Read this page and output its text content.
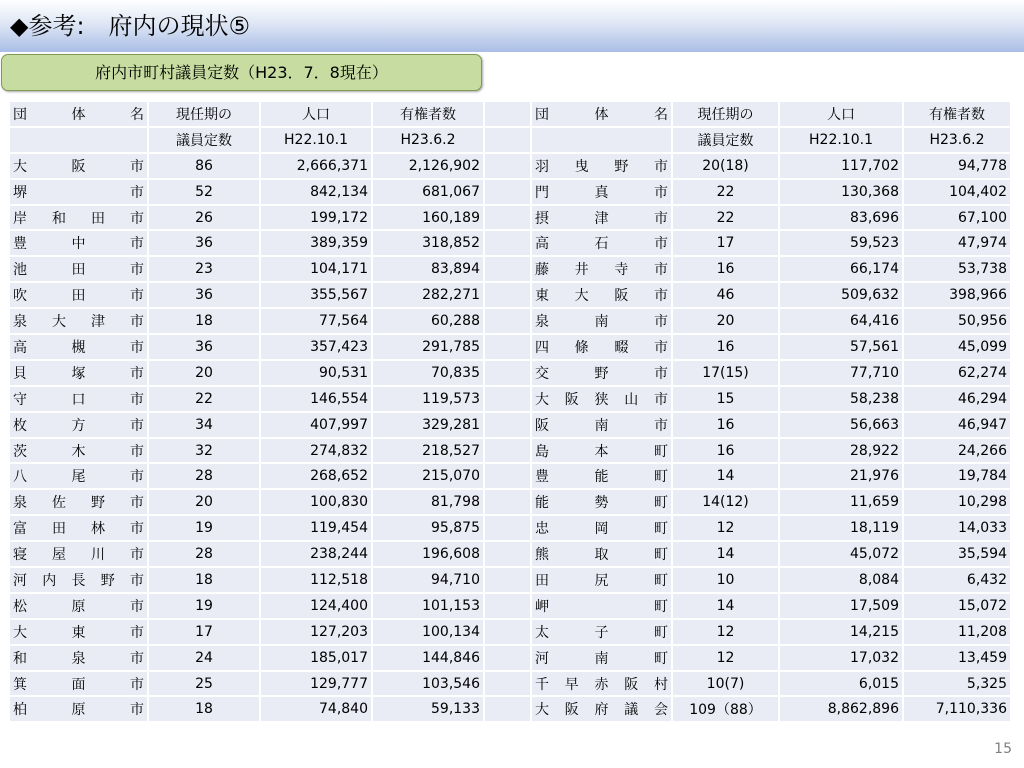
◆参考:　府内の現状⑤
府内市町村議員定数（H23．7．8現在）
団　体　名	現任期の	人口	有権者数		団　体　名	現任期の	人口	有権者数
	議員定数	H22.10.1	H23.6.2			議員定数	H22.10.1	H23.6.2
大阪市	86	2,666,371	2,126,902		羽曳野市	20(18)	117,702	94,778
堺市	52	842,134	681,067		門真市	22	130,368	104,402
岸和田市	26	199,172	160,189		摂津市	22	83,696	67,100
豊中市	36	389,359	318,852		高石市	17	59,523	47,974
池田市	23	104,171	83,894		藤井寺市	16	66,174	53,738
吹田市	36	355,567	282,271		東大阪市	46	509,632	398,966
泉大津市	18	77,564	60,288		泉南市	20	64,416	50,956
高槻市	36	357,423	291,785		四條畷市	16	57,561	45,099
貝塚市	20	90,531	70,835		交野市	17(15)	77,710	62,274
守口市	22	146,554	119,573		大阪狭山市	15	58,238	46,294
枚方市	34	407,997	329,281		阪南市	16	56,663	46,947
茨木市	32	274,832	218,527		島本町	16	28,922	24,266
八尾市	28	268,652	215,070		豊能町	14	21,976	19,784
泉佐野市	20	100,830	81,798		能勢町	14(12)	11,659	10,298
富田林市	19	119,454	95,875		忠岡町	12	18,119	14,033
寝屋川市	28	238,244	196,608		熊取町	14	45,072	35,594
河内長野市	18	112,518	94,710		田尻町	10	8,084	6,432
松原市	19	124,400	101,153		岬町	14	17,509	15,072
大東市	17	127,203	100,134		太子町	12	14,215	11,208
和泉市	24	185,017	144,846		河南町	12	17,032	13,459
箕面市	25	129,777	103,546		千早赤阪村	10(7)	6,015	5,325
柏原市	18	74,840	59,133		大阪府議会	109（88）	8,862,896	7,110,336
15
